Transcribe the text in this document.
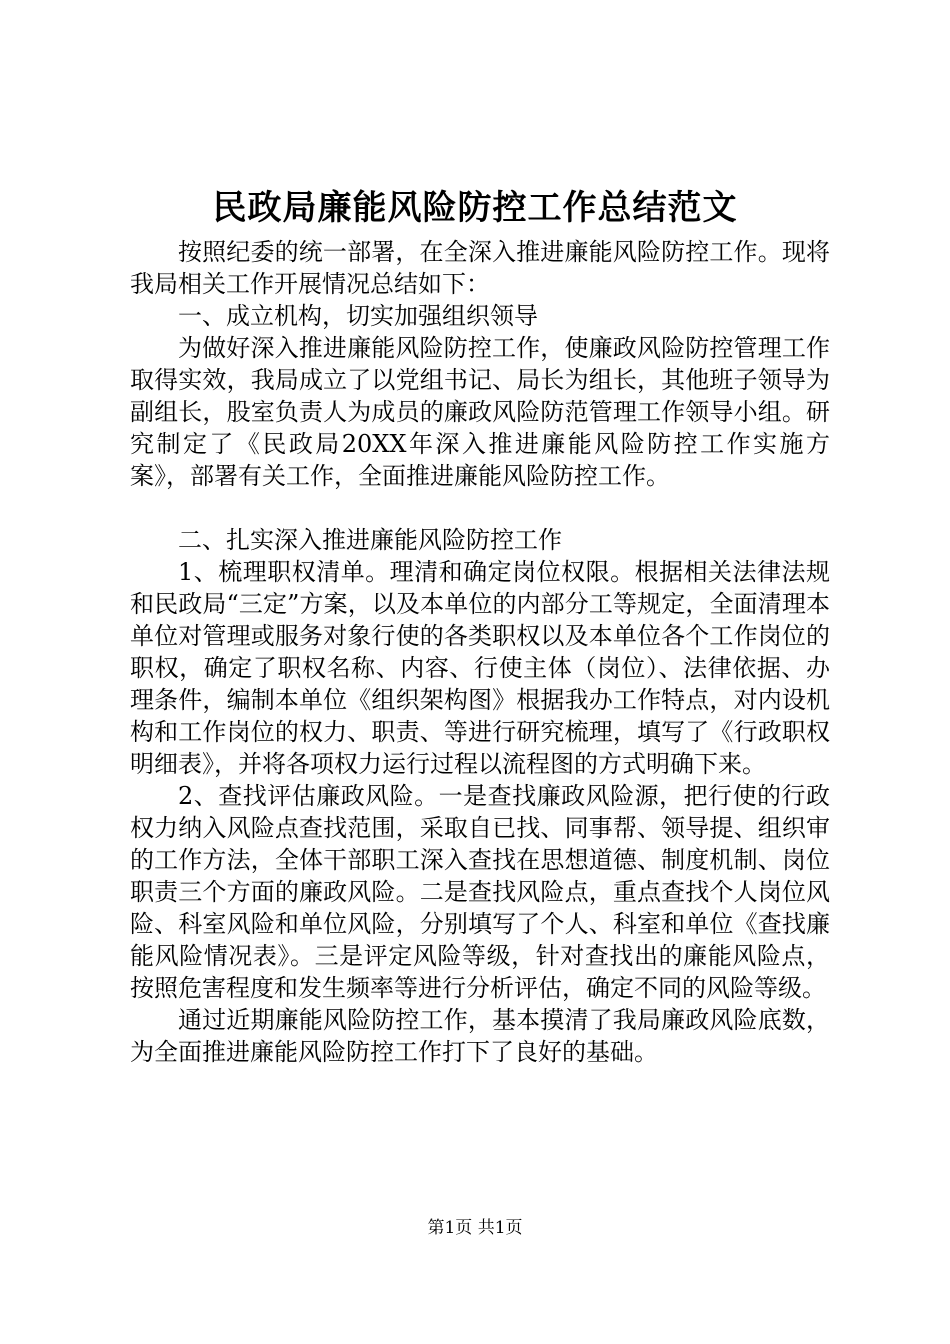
民政局廉能风险防控工作总结范文

按照纪委的统一部署，在全深入推进廉能风险防控工作。现将我局相关工作开展情况总结如下：

一、成立机构，切实加强组织领导

为做好深入推进廉能风险防控工作，使廉政风险防控管理工作取得实效，我局成立了以党组书记、局长为组长，其他班子领导为副组长，股室负责人为成员的廉政风险防范管理工作领导小组。研究制定了《民政局20XX年深入推进廉能风险防控工作实施方案》，部署有关工作，全面推进廉能风险防控工作。

二、扎实深入推进廉能风险防控工作

1、梳理职权清单。理清和确定岗位权限。根据相关法律法规和民政局“三定”方案，以及本单位的内部分工等规定，全面清理本单位对管理或服务对象行使的各类职权以及本单位各个工作岗位的职权，确定了职权名称、内容、行使主体（岗位）、法律依据、办理条件，编制本单位《组织架构图》根据我办工作特点，对内设机构和工作岗位的权力、职责、等进行研究梳理，填写了《行政职权明细表》，并将各项权力运行过程以流程图的方式明确下来。

2、查找评估廉政风险。一是查找廉政风险源，把行使的行政权力纳入风险点查找范围，采取自已找、同事帮、领导提、组织审的工作方法，全体干部职工深入查找在思想道德、制度机制、岗位职责三个方面的廉政风险。二是查找风险点，重点查找个人岗位风险、科室风险和单位风险，分别填写了个人、科室和单位《查找廉能风险情况表》。三是评定风险等级，针对查找出的廉能风险点，按照危害程度和发生频率等进行分析评估，确定不同的风险等级。

通过近期廉能风险防控工作，基本摸清了我局廉政风险底数，为全面推进廉能风险防控工作打下了良好的基础。

第1页 共1页
